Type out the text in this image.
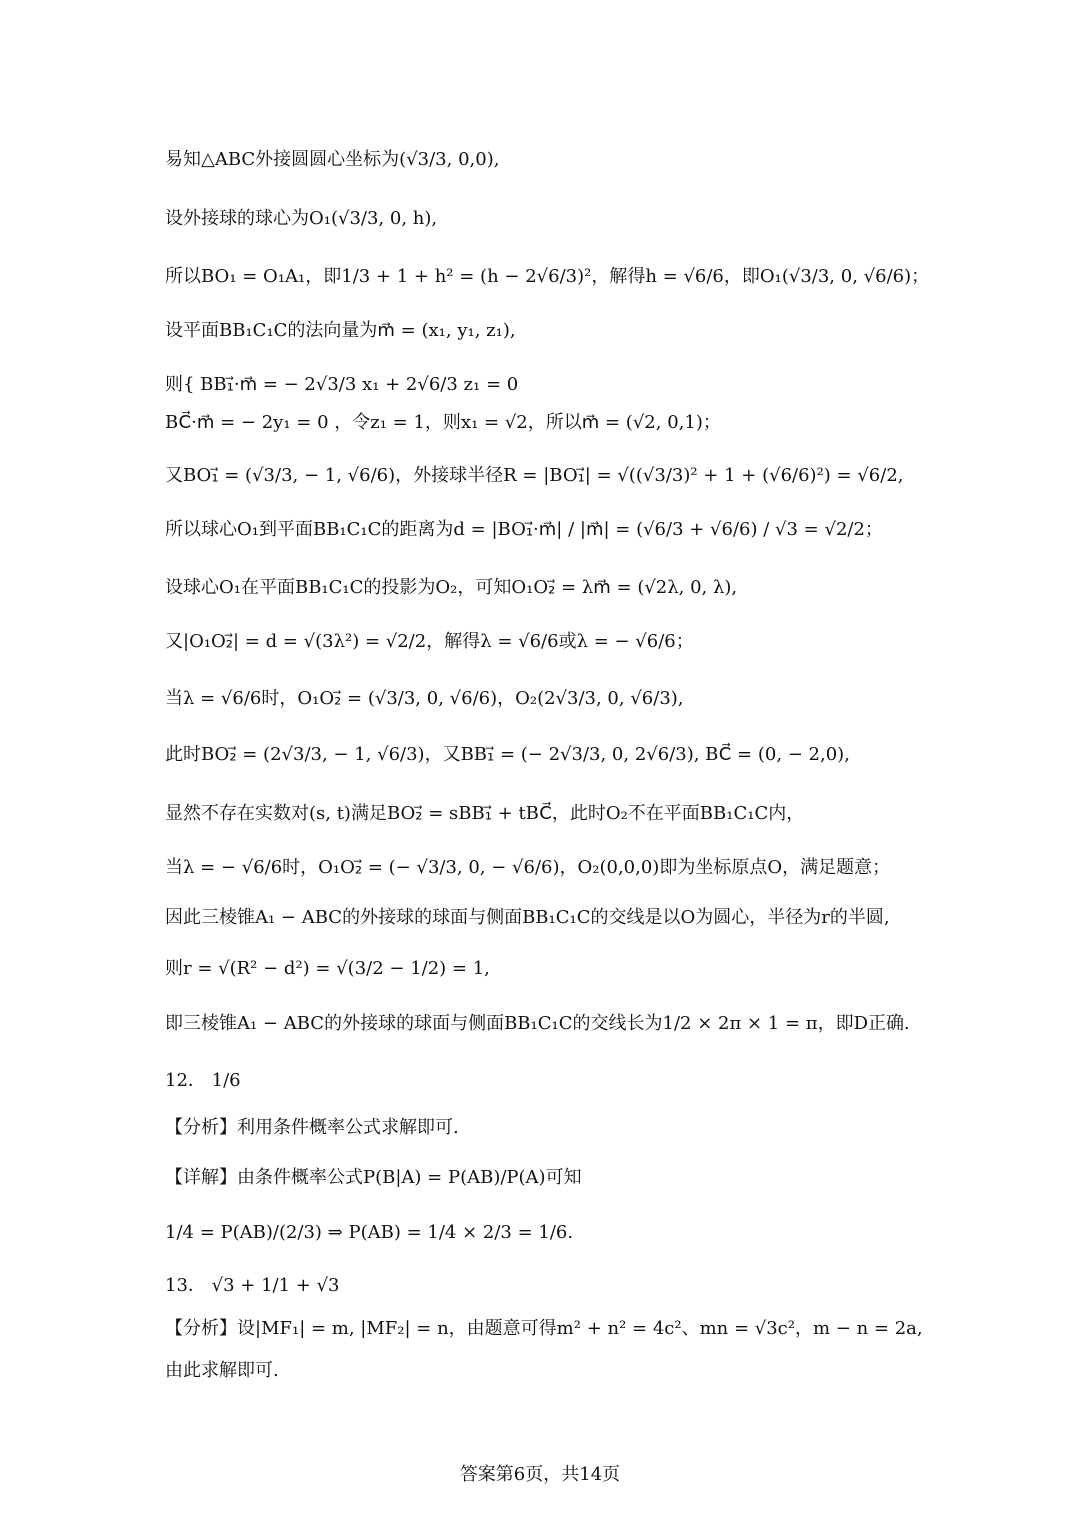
易知△ABC外接圆圆心坐标为(√3/3, 0,0),
设外接球的球心为O₁(√3/3, 0, h),
所以BO₁ = O₁A₁，即1/3 + 1 + h² = (h − 2√6/3)²，解得h = √6/6，即O₁(√3/3, 0, √6/6)；
设平面BB₁C₁C的法向量为m⃗ = (x₁, y₁, z₁),
则{ BB₁⃗·m⃗ = − 2√3/3 x₁ + 2√6/3 z₁ = 0
BC⃗·m⃗ = − 2y₁ = 0 ，令z₁ = 1，则x₁ = √2，所以m⃗ = (√2, 0,1)；
又BO₁⃗ = (√3/3, − 1, √6/6)，外接球半径R = |BO₁⃗| = √((√3/3)² + 1 + (√6/6)²) = √6/2,
所以球心O₁到平面BB₁C₁C的距离为d = |BO₁⃗·m⃗| / |m⃗| = (√6/3 + √6/6) / √3 = √2/2；
设球心O₁在平面BB₁C₁C的投影为O₂，可知O₁O₂⃗ = λm⃗ = (√2λ, 0, λ),
又|O₁O₂⃗| = d = √(3λ²) = √2/2，解得λ = √6/6或λ = − √6/6；
当λ = √6/6时，O₁O₂⃗ = (√3/3, 0, √6/6)，O₂(2√3/3, 0, √6/3),
此时BO₂⃗ = (2√3/3, − 1, √6/3)，又BB₁⃗ = (− 2√3/3, 0, 2√6/3), BC⃗ = (0, − 2,0),
显然不存在实数对(s, t)满足BO₂⃗ = sBB₁⃗ + tBC⃗，此时O₂不在平面BB₁C₁C内，
当λ = − √6/6时，O₁O₂⃗ = (− √3/3, 0, − √6/6)，O₂(0,0,0)即为坐标原点O，满足题意；
因此三棱锥A₁ − ABC的外接球的球面与侧面BB₁C₁C的交线是以O为圆心，半径为r的半圆,
则r = √(R² − d²) = √(3/2 − 1/2) = 1,
即三棱锥A₁ − ABC的外接球的球面与侧面BB₁C₁C的交线长为1/2 × 2π × 1 = π，即D正确.
12． 1/6
【分析】利用条件概率公式求解即可.
【详解】由条件概率公式P(B|A) = P(AB)/P(A)可知
1/4 = P(AB)/(2/3) ⇒ P(AB) = 1/4 × 2/3 = 1/6.
13． √3 + 1/1 + √3
【分析】设|MF₁| = m, |MF₂| = n，由题意可得m² + n² = 4c²、mn = √3c²，m − n = 2a,
由此求解即可.
答案第6页，共14页
